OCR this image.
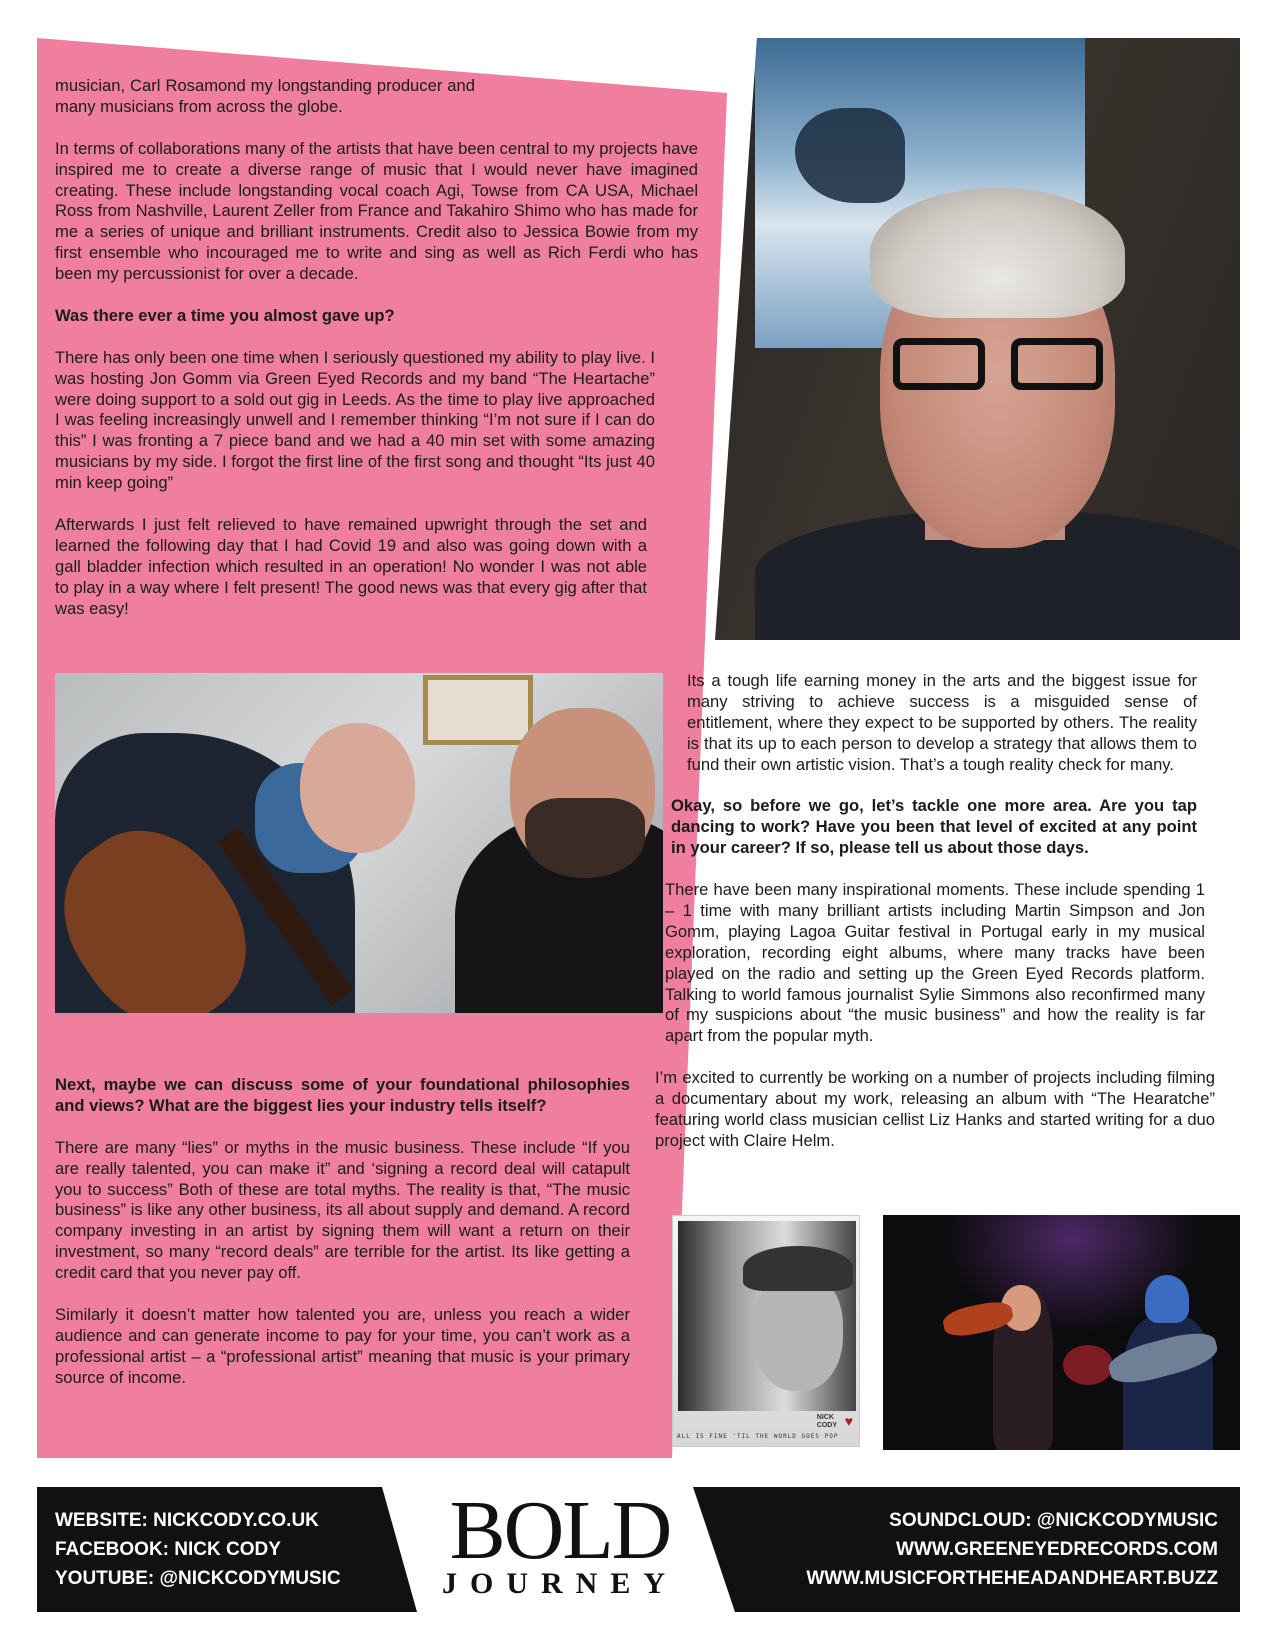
musician, Carl Rosamond my longstanding producer and many musicians from across the globe.

In terms of collaborations many of the artists that have been central to my projects have inspired me to create a diverse range of music that I would never have imagined creating. These include longstanding vocal coach Agi, Towse from CA USA, Michael Ross from Nashville, Laurent Zeller from France and Takahiro Shimo who has made for me a series of unique and brilliant instruments. Credit also to Jessica Bowie from my first ensemble who incouraged me to write and sing as well as Rich Ferdi who has been my percussionist for over a decade.

Was there ever a time you almost gave up?

There has only been one time when I seriously questioned my ability to play live. I was hosting Jon Gomm via Green Eyed Records and my band “The Heartache” were doing support to a sold out gig in Leeds. As the time to play live approached I was feeling increasingly unwell and I remember thinking “I’m not sure if I can do this” I was fronting a 7 piece band and we had a 40 min set with some amazing musicians by my side. I forgot the first line of the first song and thought “Its just 40 min keep going”

Afterwards I just felt relieved to have remained upwright through the set and learned the following day that I had Covid 19 and also was going down with a gall bladder infection which resulted in an operation! No wonder I was not able to play in a way where I felt present! The good news was that every gig after that was easy!

Next, maybe we can discuss some of your foundational philosophies and views? What are the biggest lies your industry tells itself?

There are many “lies” or myths in the music business. These include “If you are really talented, you can make it” and ‘signing a record deal will catapult you to success” Both of these are total myths. The reality is that, “The music business” is like any other business, its all about supply and demand. A record company investing in an artist by signing them will want a return on their investment, so many “record deals” are terrible for the artist. Its like getting a credit card that you never pay off.

Similarly it doesn’t matter how talented you are, unless you reach a wider audience and can generate income to pay for your time, you can’t work as a professional artist – a “professional artist” meaning that music is your primary source of income.

Its a tough life earning money in the arts and the biggest issue for many striving to achieve success is a misguided sense of entitlement, where they expect to be supported by others. The reality is that its up to each person to develop a strategy that allows them to fund their own artistic vision. That’s a tough reality check for many.

Okay, so before we go, let’s tackle one more area. Are you tap dancing to work? Have you been that level of excited at any point in your career? If so, please tell us about those days.

There have been many inspirational moments. These include spending 1 – 1 time with many brilliant artists including Martin Simpson and Jon Gomm, playing Lagoa Guitar festival in Portugal early in my musical exploration, recording eight albums, where many tracks have been played on the radio and setting up the Green Eyed Records platform. Talking to world famous journalist Sylie Simmons also reconfirmed many of my suspicions about “the music business” and how the reality is far apart from the popular myth.

I’m excited to currently be working on a number of projects including filming a documentary about my work, releasing an album with “The Hearatche” featuring world class musician cellist Liz Hanks and started writing for a duo project with Claire Helm.

ALL IS FINE 'TIL THE WORLD GOES POP
NICK
CODY ♥
WEBSITE: NICKCODY.CO.UK
FACEBOOK: NICK CODY
YOUTUBE: @NICKCODYMUSIC
BOLD
JOURNEY
SOUNDCLOUD: @NICKCODYMUSIC
WWW.GREENEYEDRECORDS.COM
WWW.MUSICFORTHEHEADANDHEART.BUZZ
